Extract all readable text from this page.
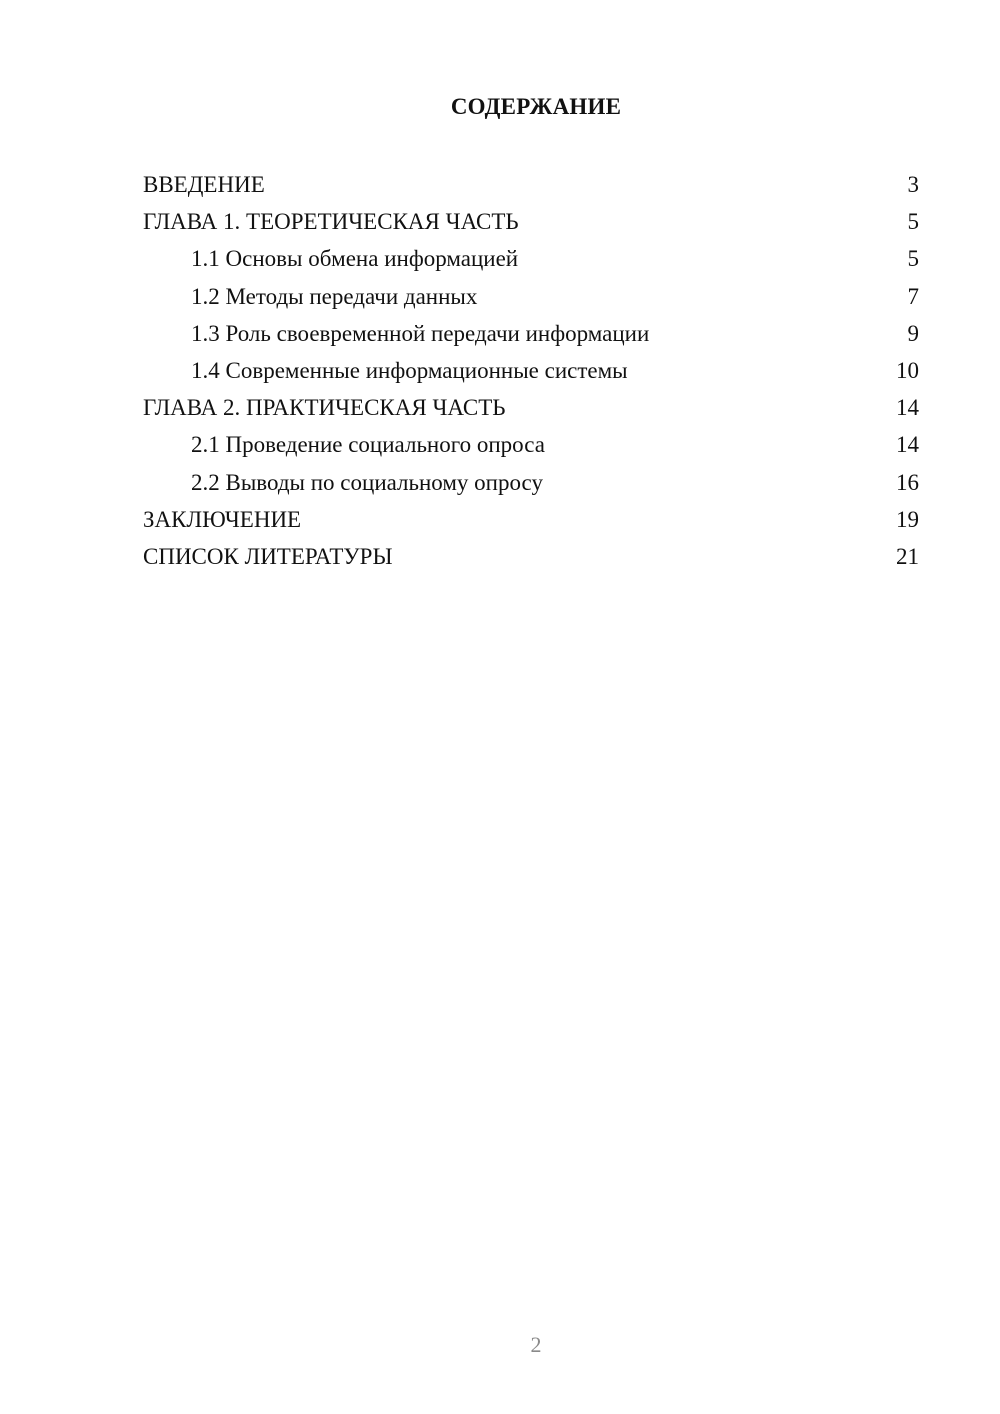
СОДЕРЖАНИЕ
ВВЕДЕНИЕ	3
ГЛАВА 1. ТЕОРЕТИЧЕСКАЯ ЧАСТЬ	5
1.1 Основы обмена информацией	5
1.2 Методы передачи данных	7
1.3 Роль своевременной передачи информации	9
1.4 Современные информационные системы	10
ГЛАВА 2. ПРАКТИЧЕСКАЯ ЧАСТЬ	14
2.1 Проведение социального опроса	14
2.2 Выводы по социальному опросу	16
ЗАКЛЮЧЕНИЕ	19
СПИСОК ЛИТЕРАТУРЫ	21
2
